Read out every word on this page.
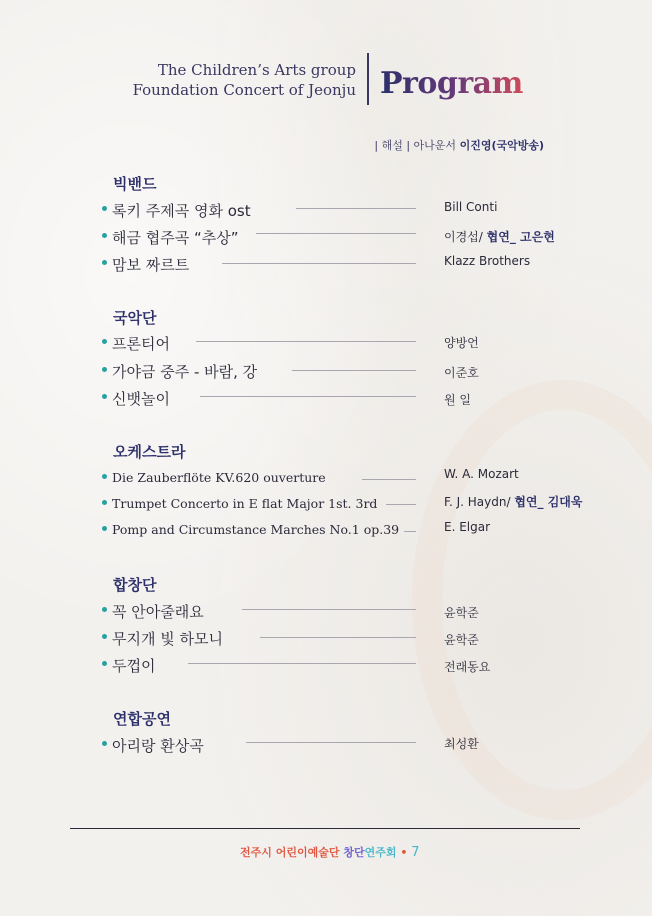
The Children’s Arts group
Foundation Concert of Jeonju Program
| 해설 | 아나운서 이진영(국악방송)
빅밴드
록키 주제곡 영화 ost	Bill Conti
해금 협주곡 “추상”	이경섭/ 협연_ 고은현
맘보 짜르트	Klazz Brothers
국악단
프론티어	양방언
가야금 중주 - 바람, 강	이준호
신뱃놀이	원 일
오케스트라
Die Zauberflöte KV.620 ouverture	W. A. Mozart
Trumpet Concerto in E flat Major 1st. 3rd	F. J. Haydn/ 협연_ 김대욱
Pomp and Circumstance Marches No.1 op.39	E. Elgar
합창단
꼭 안아줄래요	윤학준
무지개 빛 하모니	윤학준
두껍이	전래동요
연합공연
아리랑 환상곡	최성환
전주시 어린이예술단 창단연주회 • 7
